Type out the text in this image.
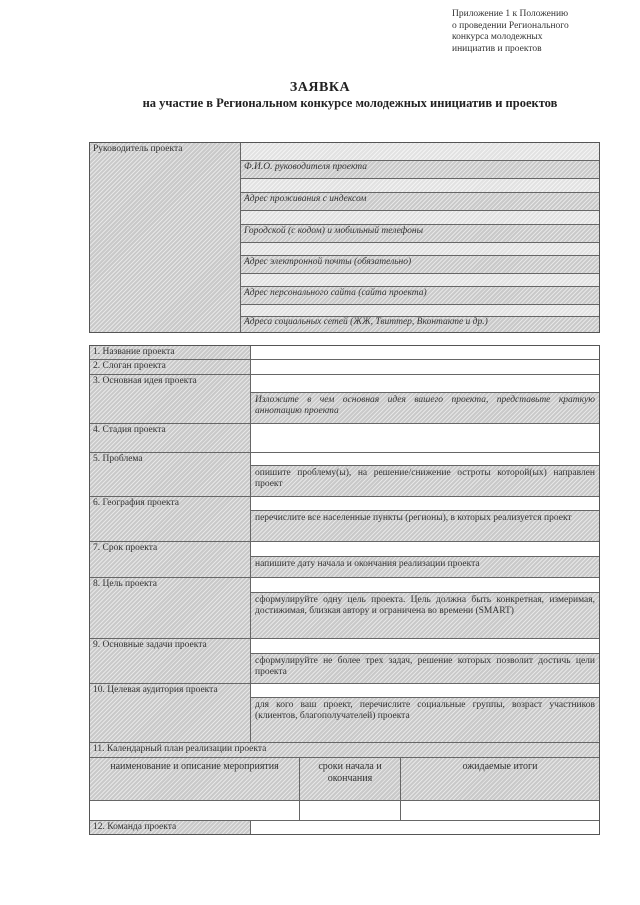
Приложение 1 к Положению
о проведении Регионального
конкурса молодежных
инициатив и проектов
ЗАЯВКА
на участие в Региональном конкурсе молодежных инициатив и проектов
Руководитель проекта
Ф.И.О. руководителя проекта
Адрес проживания с индексом
Городской (с кодом) и мобильный телефоны
Адрес электронной почты (обязательно)
Адрес персонального сайта (сайта проекта)
Адреса социальных сетей (ЖЖ, Твиттер, Вконтакте и др.)
1. Название проекта
2. Слоган проекта
3. Основная идея проекта
Изложите в чем основная идея вашего проекта, представьте краткую аннотацию проекта
4. Стадия проекта
5. Проблема
опишите проблему(ы), на решение/снижение остроты которой(ых) направлен проект
6. География проекта
перечислите все населенные пункты (регионы), в которых реализуется проект
7. Срок проекта
напишите дату начала и окончания реализации проекта
8. Цель проекта
сформулируйте одну цель проекта. Цель должна быть конкретная, измеримая, достижимая, близкая автору и ограничена во времени (SMART)
9. Основные задачи проекта
сформулируйте не более трех задач, решение которых позволит достичь цели проекта
10. Целевая аудитория проекта
для кого ваш проект, перечислите социальные группы, возраст участников (клиентов, благополучателей) проекта
11. Календарный план реализации проекта
наименование и описание мероприятия	сроки начала и окончания
ожидаемые итоги
12. Команда проекта
